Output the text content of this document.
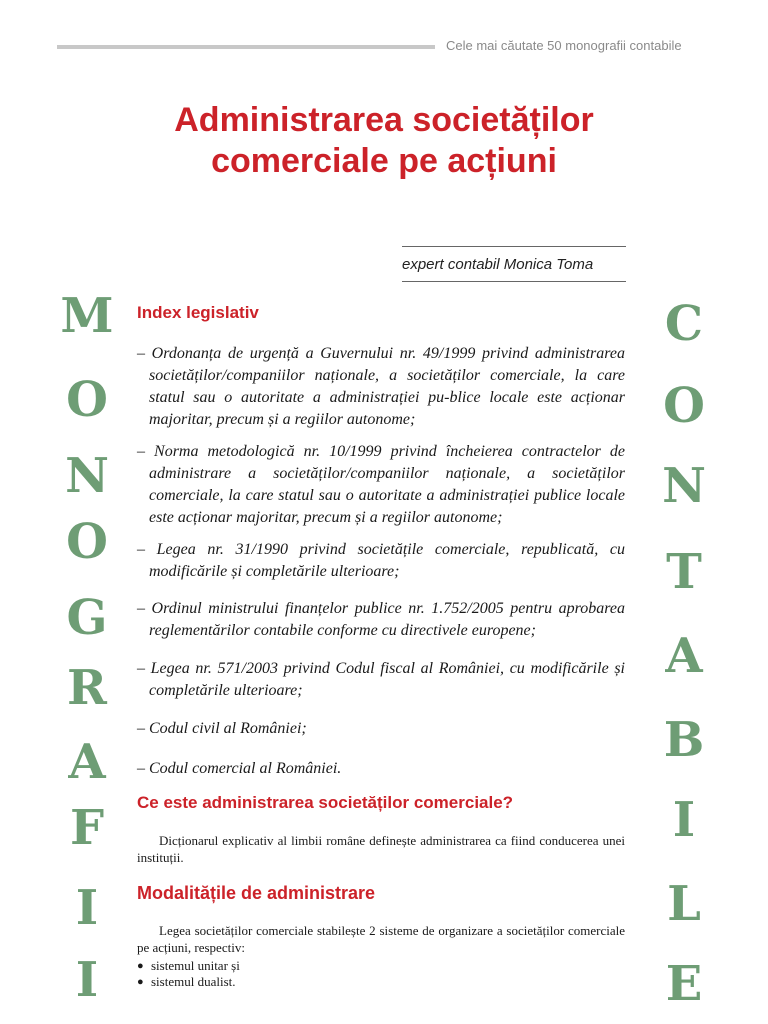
Cele mai căutate 50 monografii contabile
Administrarea societăților
comerciale pe acțiuni
expert contabil Monica Toma
M
O
N
O
G
R
A
F
I
I
C
O
N
T
A
B
I
L
E
Index legislativ

– Ordonanța de urgență a Guvernului nr. 49/1999 privind administrarea societăților/companiilor naționale, a societăților comerciale, la care statul sau o autoritate a administrației pu-blice locale este acționar majoritar, precum și a regiilor autonome;

– Norma metodologică nr. 10/1999 privind încheierea contractelor de administrare a societăților/companiilor naționale, a societăților comerciale, la care statul sau o autoritate a administrației publice locale este acționar majoritar, precum și a regiilor autonome;

– Legea nr. 31/1990 privind societățile comerciale, republicată, cu modificările și completările ulterioare;

– Ordinul ministrului finanțelor publice nr. 1.752/2005 pentru aprobarea reglementărilor contabile conforme cu directivele europene;

– Legea nr. 571/2003 privind Codul fiscal al României, cu modificările și completările ulterioare;

– Codul civil al României;

– Codul comercial al României.

Ce este administrarea societăților comerciale?

Dicționarul explicativ al limbii române definește administrarea ca fiind conducerea unei instituții.

Modalitățile de administrare

Legea societăților comerciale stabilește 2 sisteme de organizare a societăților comerciale pe acțiuni, respectiv:

● sistemul unitar și
● sistemul dualist.
